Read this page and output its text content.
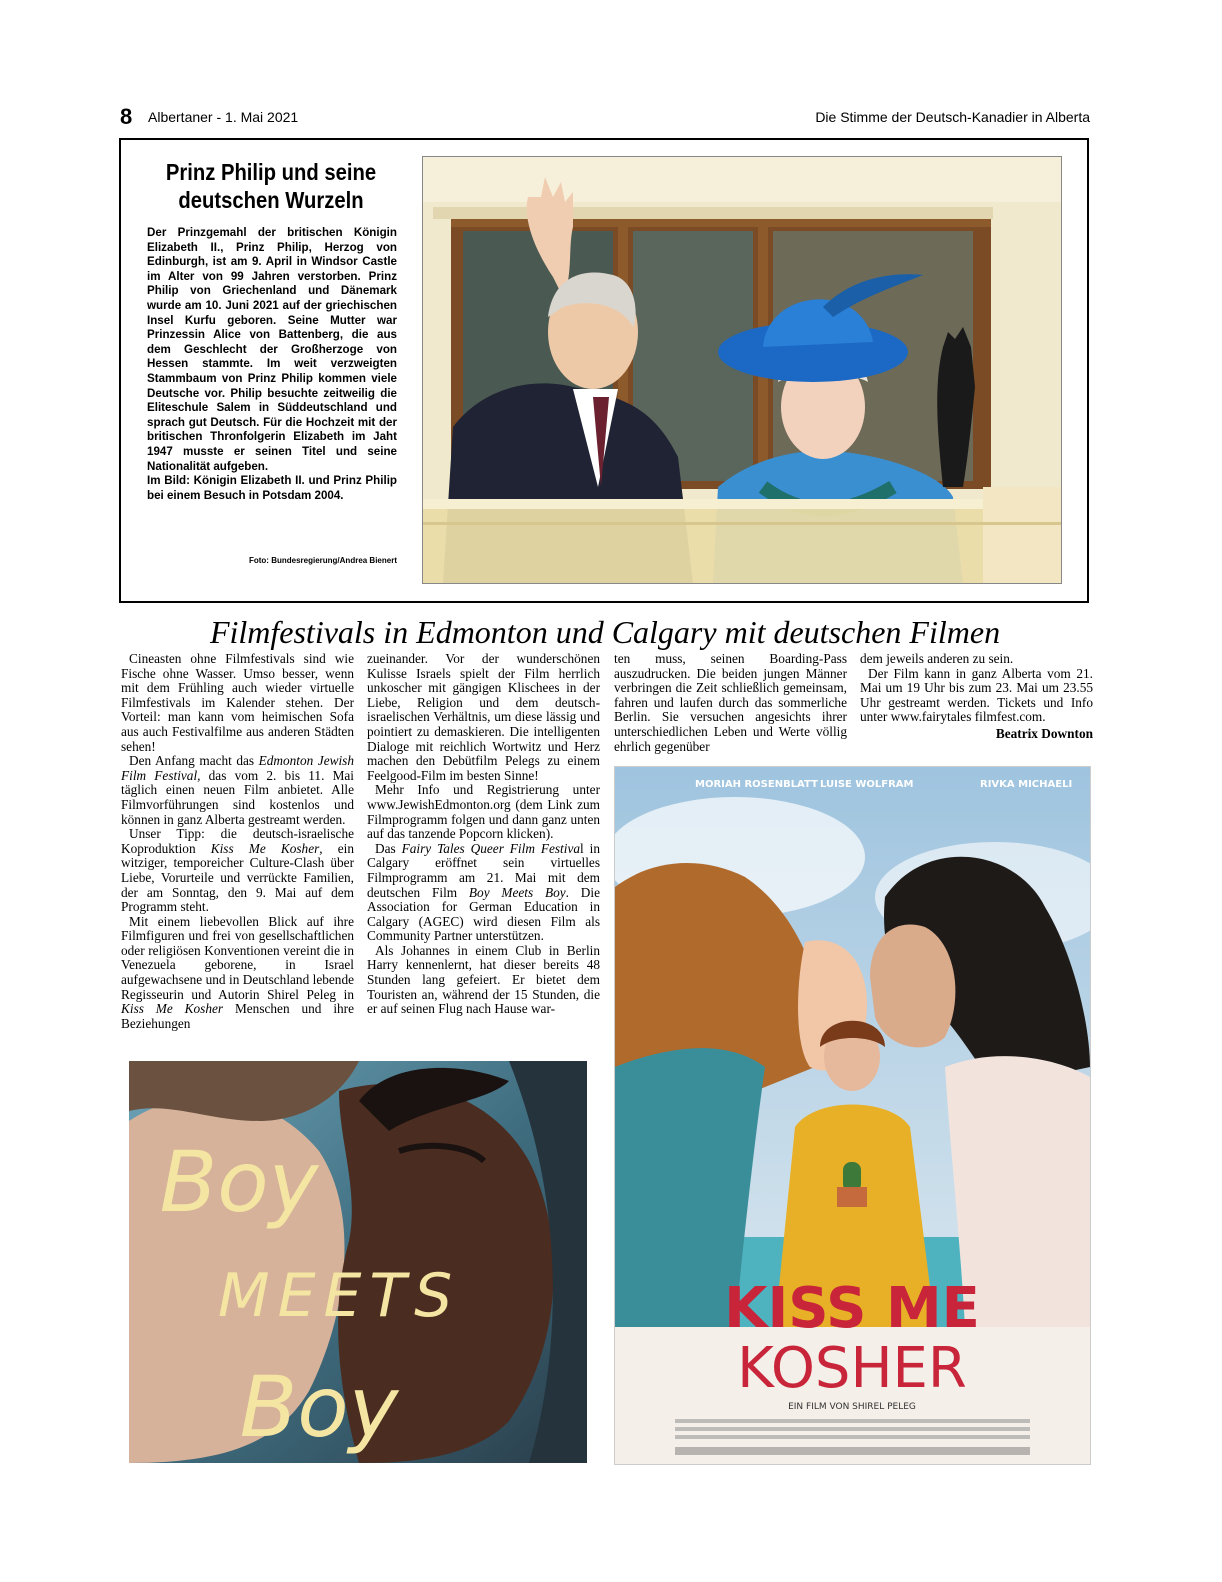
8 Albertaner - 1. Mai 2021	Die Stimme der Deutsch-Kanadier in Alberta
Prinz Philip und seine deutschen Wurzeln

Der Prinzgemahl der britischen Königin Elizabeth II., Prinz Philip, Herzog von Edinburgh, ist am 9. April in Windsor Castle im Alter von 99 Jahren verstorben. Prinz Philip von Griechenland und Dänemark wurde am 10. Juni 2021 auf der griechischen Insel Kurfu geboren. Seine Mutter war Prinzessin Alice von Battenberg, die aus dem Geschlecht der Großherzoge von Hessen stammte. Im weit verzweigten Stammbaum von Prinz Philip kommen viele Deutsche vor. Philip besuchte zeitweilig die Eliteschule Salem in Süddeutschland und sprach gut Deutsch. Für die Hochzeit mit der britischen Thronfolgerin Elizabeth im Jaht 1947 musste er seinen Titel und seine Nationalität aufgeben.
Im Bild: Königin Elizabeth II. und Prinz Philip bei einem Besuch in Potsdam 2004.

Foto: Bundesregierung/Andrea Bienert
Filmfestivals in Edmonton und Calgary mit deutschen Filmen

Cineasten ohne Filmfestivals sind wie Fische ohne Wasser. Umso besser, wenn mit dem Frühling auch wieder virtuelle Filmfestivals im Kalender stehen. Der Vorteil: man kann vom heimischen Sofa aus auch Festivalfilme aus anderen Städten sehen!

Den Anfang macht das Edmonton Jewish Film Festival, das vom 2. bis 11. Mai täglich einen neuen Film anbietet. Alle Filmvorführungen sind kostenlos und können in ganz Alberta gestreamt werden.

Unser Tipp: die deutsch-israelische Koproduktion Kiss Me Kosher, ein witziger, temporeicher Culture-Clash über Liebe, Vorurteile und verrückte Familien, der am Sonntag, den 9. Mai auf dem Programm steht.

Mit einem liebevollen Blick auf ihre Filmfiguren und frei von gesellschaftlichen oder religiösen Konventionen vereint die in Venezuela geborene, in Israel aufgewachsene und in Deutschland lebende Regisseurin und Autorin Shirel Peleg in Kiss Me Kosher Menschen und ihre Beziehungen

zueinander. Vor der wunderschönen Kulisse Israels spielt der Film herrlich unkoscher mit gängigen Klischees in der Liebe, Religion und dem deutsch-israelischen Verhältnis, um diese lässig und pointiert zu demaskieren. Die intelligenten Dialoge mit reichlich Wortwitz und Herz machen den Debütfilm Pelegs zu einem Feelgood-Film im besten Sinne!

Mehr Info und Registrierung unter www.JewishEdmonton.org (dem Link zum Filmprogramm folgen und dann ganz unten auf das tanzende Popcorn klicken).

Das Fairy Tales Queer Film Festival in Calgary eröffnet sein virtuelles Filmprogramm am 21. Mai mit dem deutschen Film Boy Meets Boy. Die Association for German Education in Calgary (AGEC) wird diesen Film als Community Partner unterstützen.

Als Johannes in einem Club in Berlin Harry kennenlernt, hat dieser bereits 48 Stunden lang gefeiert. Er bietet dem Touristen an, während der 15 Stunden, die er auf seinen Flug nach Hause war-

ten muss, seinen Boarding-Pass auszudrucken. Die beiden jungen Männer verbringen die Zeit schließlich gemeinsam, fahren und laufen durch das sommerliche Berlin. Sie versuchen angesichts ihrer unterschiedlichen Leben und Werte völlig ehrlich gegenüber

dem jeweils anderen zu sein.

Der Film kann in ganz Alberta vom 21. Mai um 19 Uhr bis zum 23. Mai um 23.55 Uhr gestreamt werden. Tickets und Info unter www.fairytales filmfest.com.

Beatrix Downton

Boy
MEETS
Boy
MORIAH ROSENBLATT LUISE WOLFRAM	RIVKA MICHAELI
KISS ME
KOSHER
EIN FILM VON SHIREL PELEG
